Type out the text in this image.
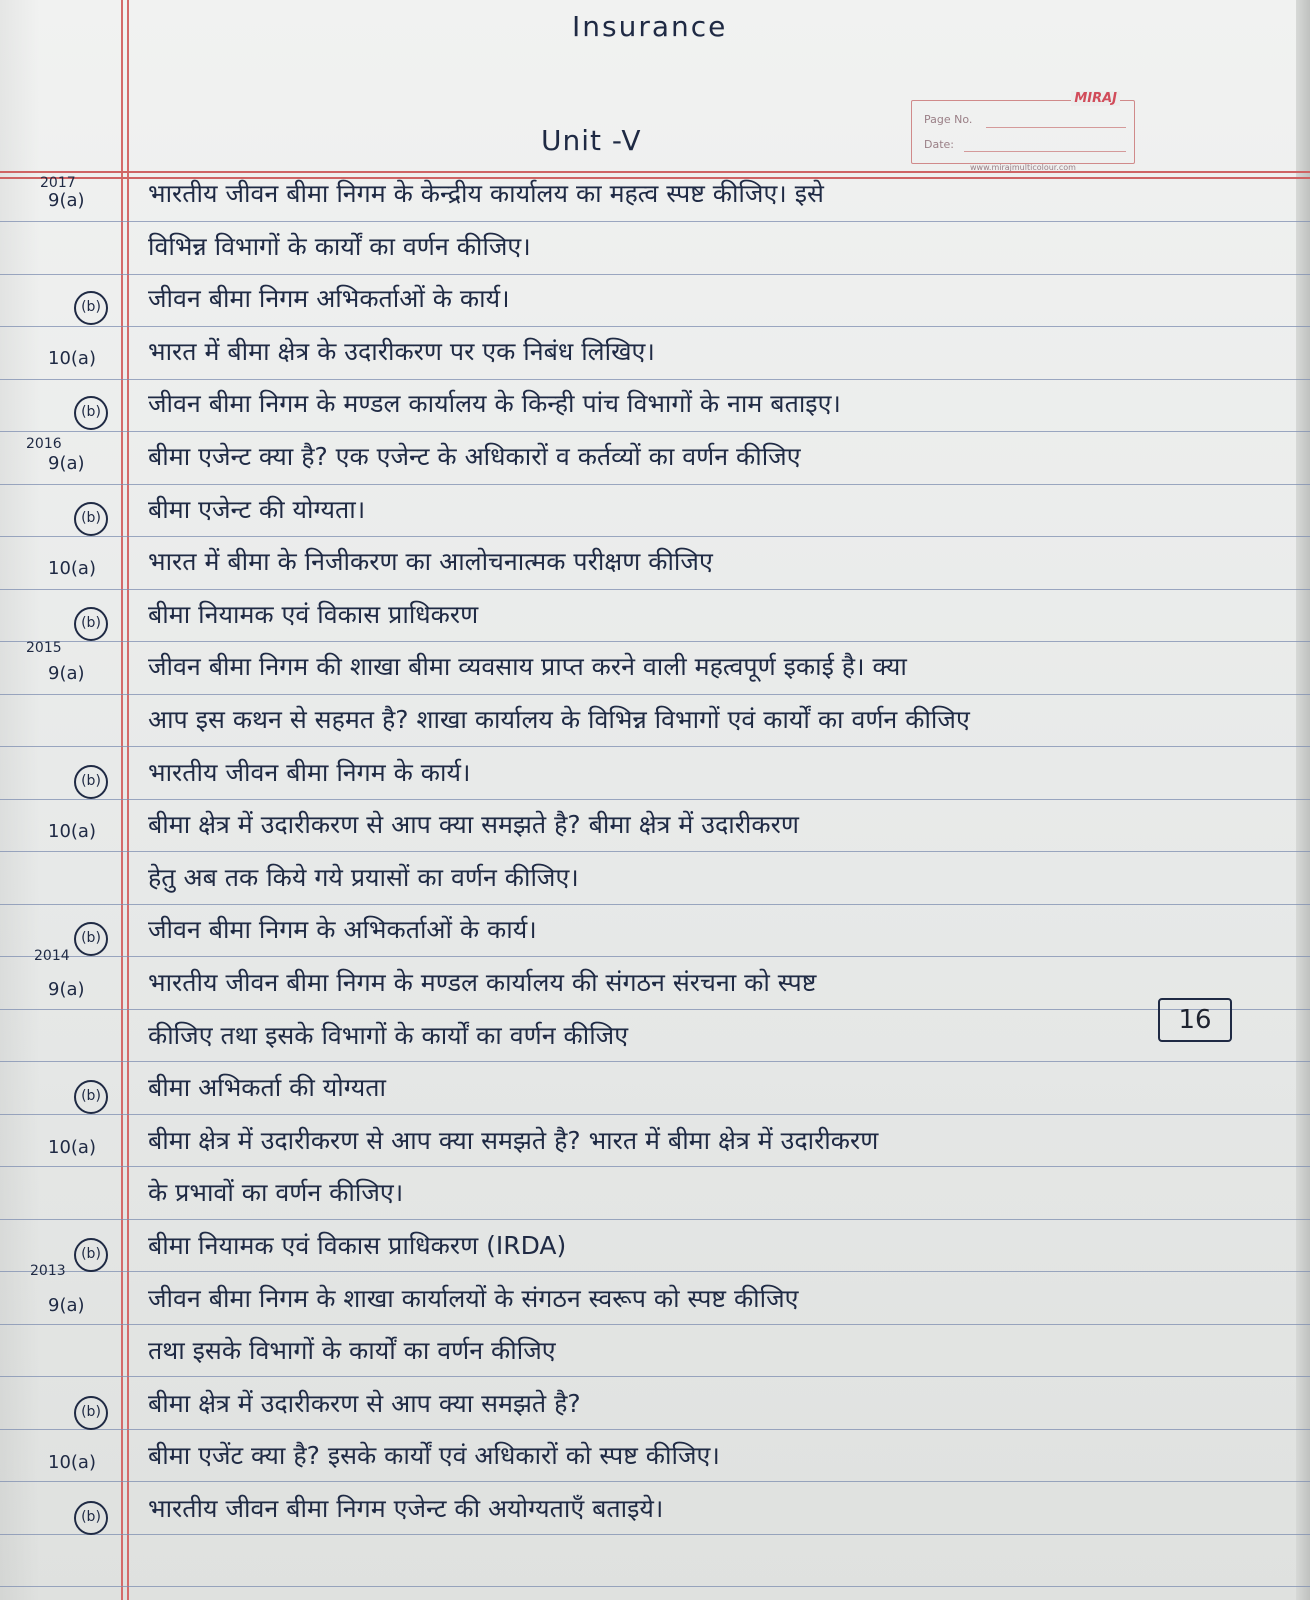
Insurance
Unit -V
MIRAJ
Page No.
Date:
www.mirajmulticolour.com
2017
2016
2015
2014
2013
9(a)
(b)
10(a)
(b)
9(a)
(b)
10(a)
(b)
9(a)
(b)
10(a)
(b)
9(a)
(b)
10(a)
(b)
9(a)
(b)
10(a)
(b)
भारतीय जीवन बीमा निगम के केन्द्रीय कार्यालय का महत्व स्पष्ट कीजिए। इसे
विभिन्न विभागों के कार्यों का वर्णन कीजिए।
जीवन बीमा निगम अभिकर्ताओं के कार्य।
भारत में बीमा क्षेत्र के उदारीकरण पर एक निबंध लिखिए।
जीवन बीमा निगम के मण्डल कार्यालय के किन्ही पांच विभागों के नाम बताइए।
बीमा एजेन्ट क्या है? एक एजेन्ट के अधिकारों व कर्तव्यों का वर्णन कीजिए
बीमा एजेन्ट की योग्यता।
भारत में बीमा के निजीकरण का आलोचनात्मक परीक्षण कीजिए
बीमा नियामक एवं विकास प्राधिकरण
जीवन बीमा निगम की शाखा बीमा व्यवसाय प्राप्त करने वाली महत्वपूर्ण इकाई है। क्या
आप इस कथन से सहमत है? शाखा कार्यालय के विभिन्न विभागों एवं कार्यों का वर्णन कीजिए
भारतीय जीवन बीमा निगम के कार्य।
बीमा क्षेत्र में उदारीकरण से आप क्या समझते है? बीमा क्षेत्र में उदारीकरण
हेतु अब तक किये गये प्रयासों का वर्णन कीजिए।
जीवन बीमा निगम के अभिकर्ताओं के कार्य।
भारतीय जीवन बीमा निगम के मण्डल कार्यालय की संगठन संरचना को स्पष्ट
कीजिए तथा इसके विभागों के कार्यों का वर्णन कीजिए
बीमा अभिकर्ता की योग्यता
बीमा क्षेत्र में उदारीकरण से आप क्या समझते है? भारत में बीमा क्षेत्र में उदारीकरण
के प्रभावों का वर्णन कीजिए।
बीमा नियामक एवं विकास प्राधिकरण (IRDA)
जीवन बीमा निगम के शाखा कार्यालयों के संगठन स्वरूप को स्पष्ट कीजिए
तथा इसके विभागों के कार्यों का वर्णन कीजिए
बीमा क्षेत्र में उदारीकरण से आप क्या समझते है?
बीमा एजेंट क्या है? इसके कार्यों एवं अधिकारों को स्पष्ट कीजिए।
भारतीय जीवन बीमा निगम एजेन्ट की अयोग्यताएँ बताइये।
16
